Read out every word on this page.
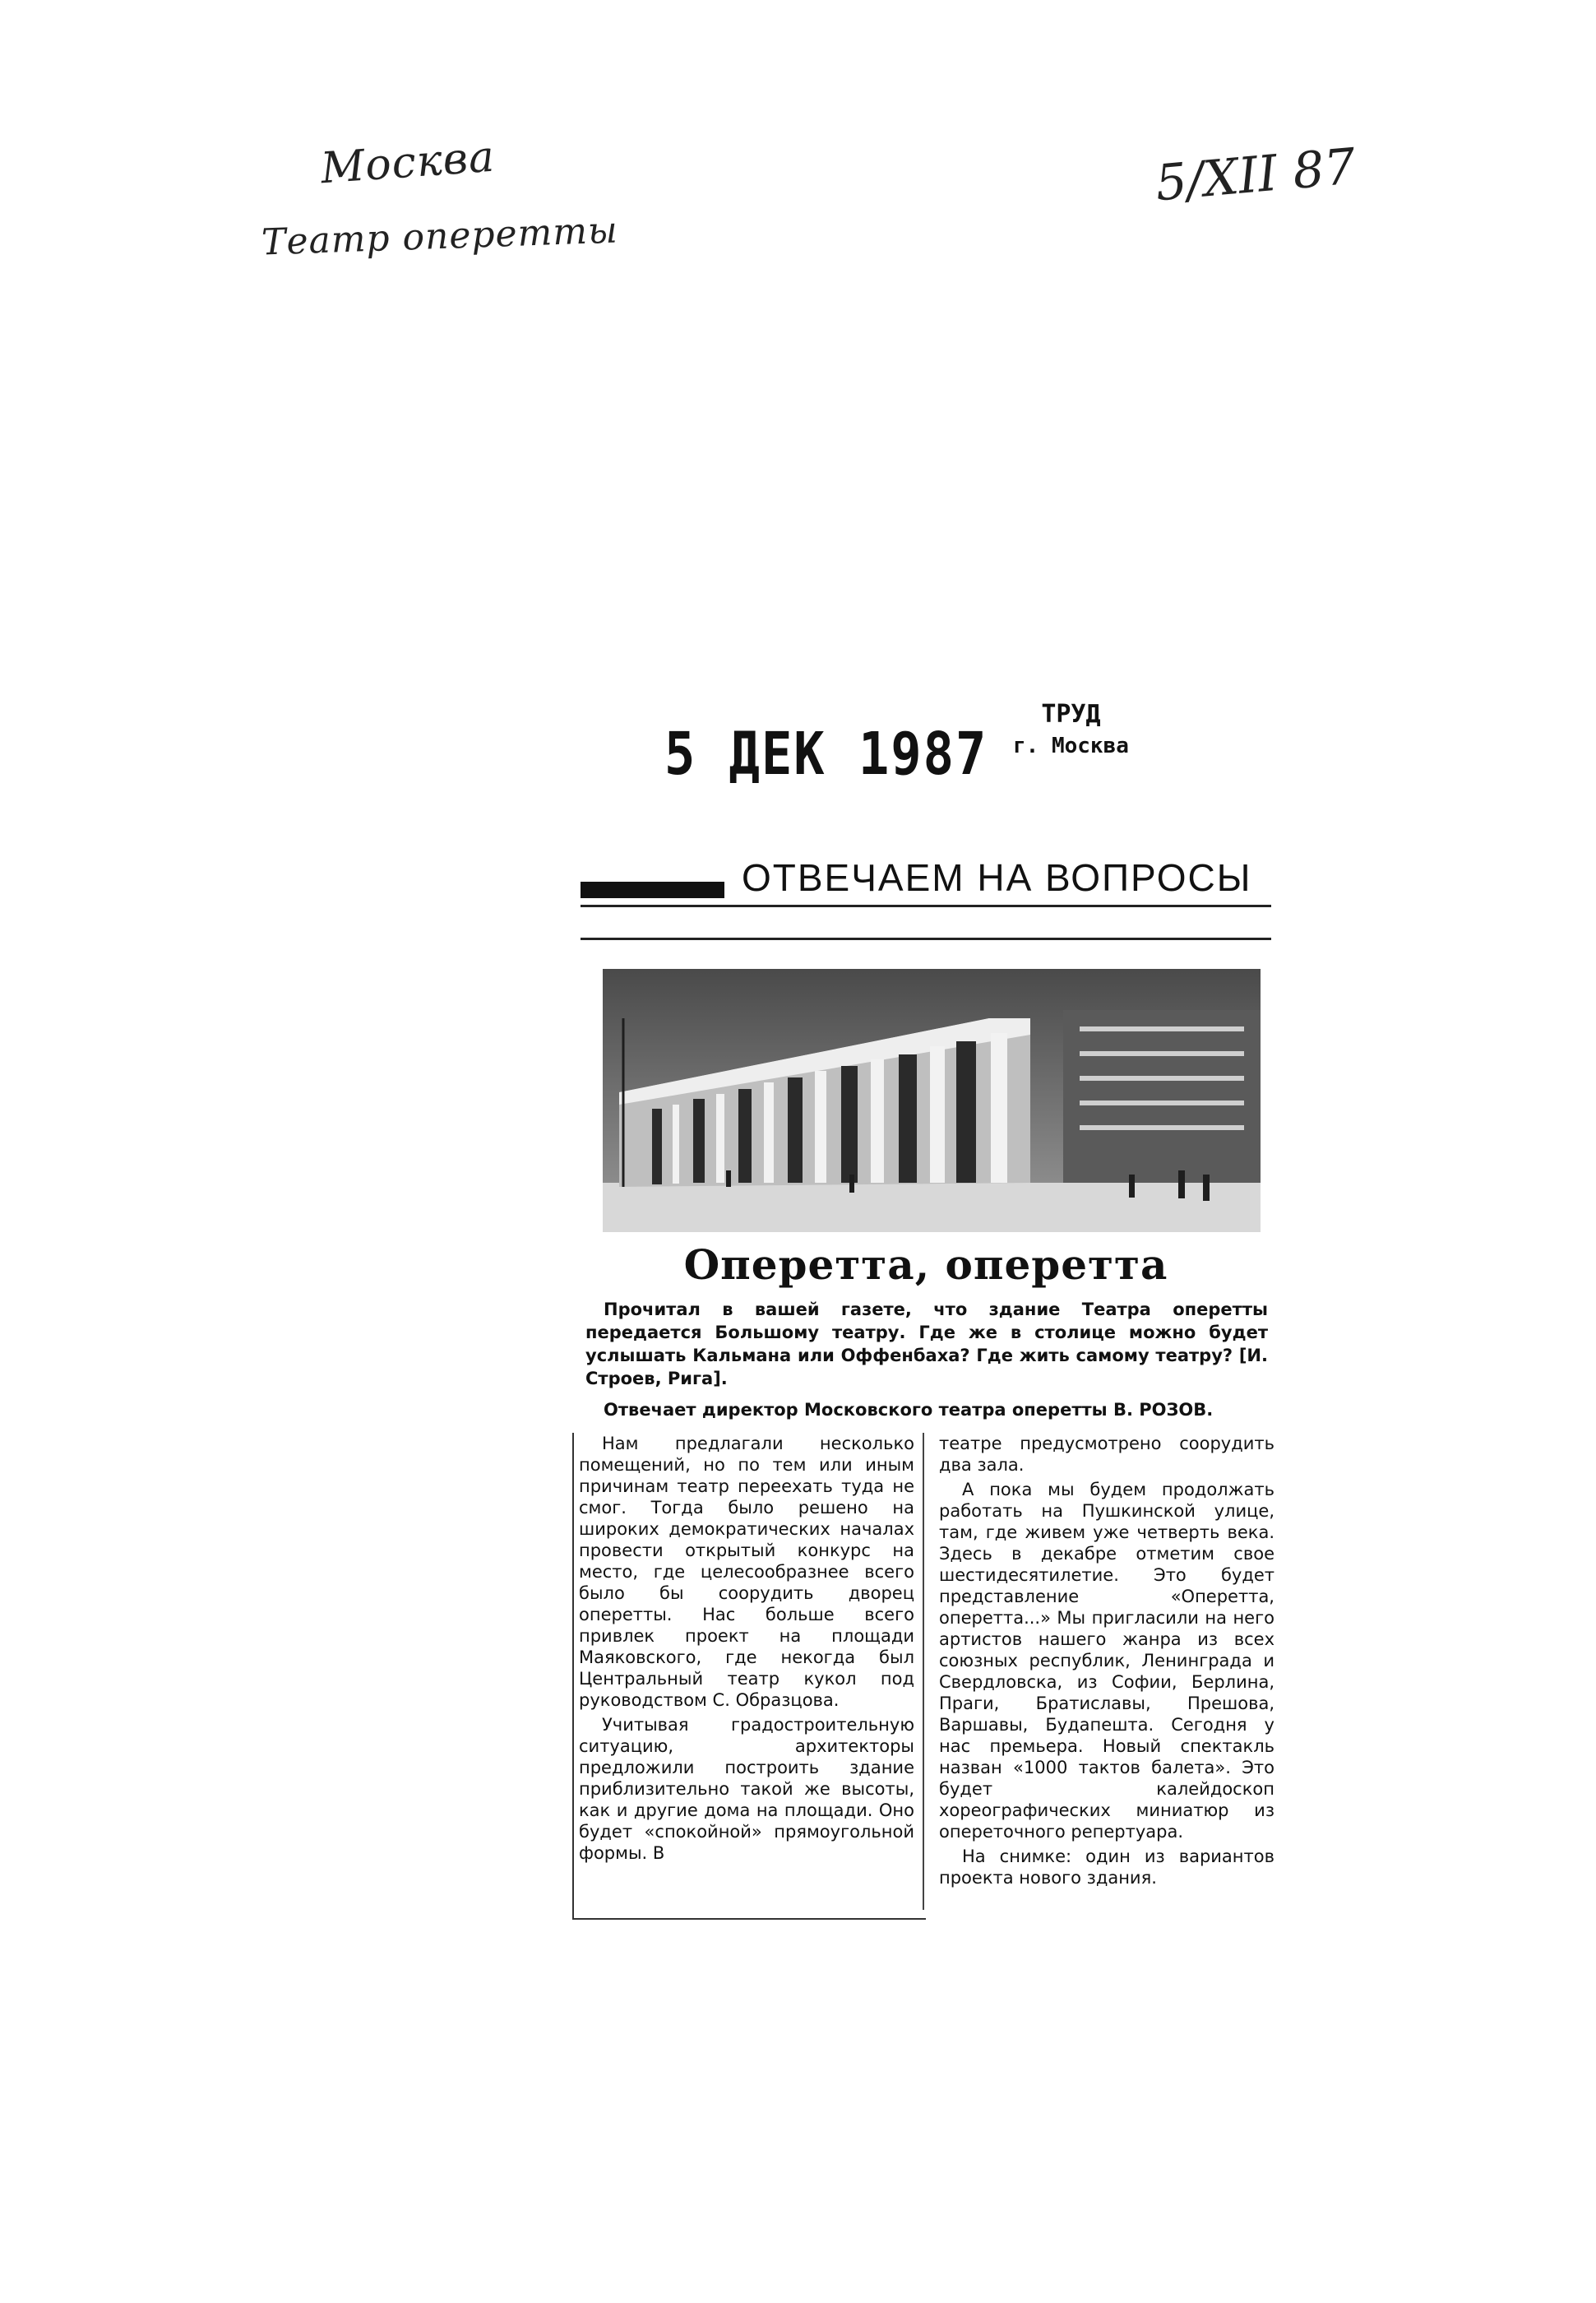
Москва
Театр оперетты
5/XII 87
5 ДЕК 1987
ТРУД
г. Москва
ОТВЕЧАЕМ НА ВОПРОСЫ
Оперетта, оперетта
Прочитал в вашей газете, что здание Театра оперетты передается Большому театру. Где же в столице можно будет услышать Кальмана или Оффенбаха? Где жить самому театру? [И. Строев, Рига].
Отвечает директор Московского театра оперетты В. РОЗОВ.

Нам предлагали несколько помещений, но по тем или иным причинам театр переехать туда не смог. Тогда было решено на широких демократических началах провести открытый конкурс на место, где целесообразнее всего было бы соорудить дворец оперетты. Нас больше всего привлек проект на площади Маяковского, где некогда был Центральный театр кукол под руководством С. Образцова.

Учитывая градостроительную ситуацию, архитекторы предложили построить здание приблизительно такой же высоты, как и другие дома на площади. Оно будет «спокойной» прямоугольной формы. В

театре предусмотрено соорудить два зала.

А пока мы будем продолжать работать на Пушкинской улице, там, где живем уже четверть века. Здесь в декабре отметим свое шестидесятилетие. Это будет представление «Оперетта, оперетта...» Мы пригласили на него артистов нашего жанра из всех союзных республик, Ленинграда и Свердловска, из Софии, Берлина, Праги, Братиславы, Прешова, Варшавы, Будапешта. Сегодня у нас премьера. Новый спектакль назван «1000 тактов балета». Это будет калейдоскоп хореографических миниатюр из опереточного репертуара.

На снимке: один из вариантов проекта нового здания.
